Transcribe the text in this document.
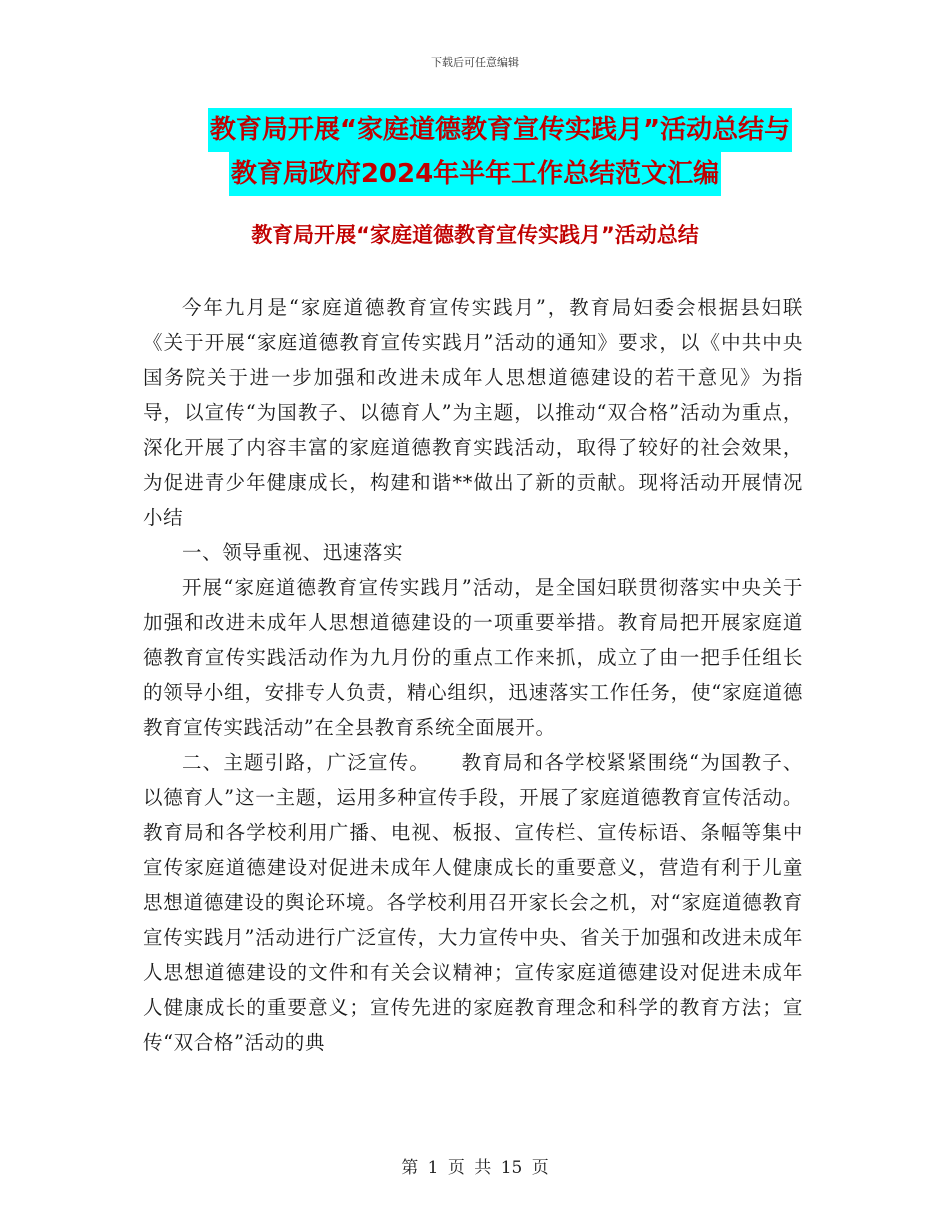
下载后可任意编辑
教育局开展“家庭道德教育宣传实践月”活动总结与
教育局政府2024年半年工作总结范文汇编
教育局开展“家庭道德教育宣传实践月”活动总结

今年九月是“家庭道德教育宣传实践月”，教育局妇委会根据县妇联《关于开展“家庭道德教育宣传实践月”活动的通知》要求，以《中共中央国务院关于进一步加强和改进未成年人思想道德建设的若干意见》为指导，以宣传“为国教子、以德育人”为主题，以推动“双合格”活动为重点，深化开展了内容丰富的家庭道德教育实践活动，取得了较好的社会效果，为促进青少年健康成长，构建和谐**做出了新的贡献。现将活动开展情况小结

一、领导重视、迅速落实

开展“家庭道德教育宣传实践月”活动，是全国妇联贯彻落实中央关于加强和改进未成年人思想道德建设的一项重要举措。教育局把开展家庭道德教育宣传实践活动作为九月份的重点工作来抓，成立了由一把手任组长的领导小组，安排专人负责，精心组织，迅速落实工作任务，使“家庭道德教育宣传实践活动”在全县教育系统全面展开。

二、主题引路，广泛宣传。　　教育局和各学校紧紧围绕“为国教子、以德育人”这一主题，运用多种宣传手段，开展了家庭道德教育宣传活动。教育局和各学校利用广播、电视、板报、宣传栏、宣传标语、条幅等集中宣传家庭道德建设对促进未成年人健康成长的重要意义，营造有利于儿童思想道德建设的舆论环境。各学校利用召开家长会之机，对“家庭道德教育宣传实践月”活动进行广泛宣传，大力宣传中央、省关于加强和改进未成年人思想道德建设的文件和有关会议精神；宣传家庭道德建设对促进未成年人健康成长的重要意义；宣传先进的家庭教育理念和科学的教育方法；宣传“双合格”活动的典

第 1 页 共 15 页
